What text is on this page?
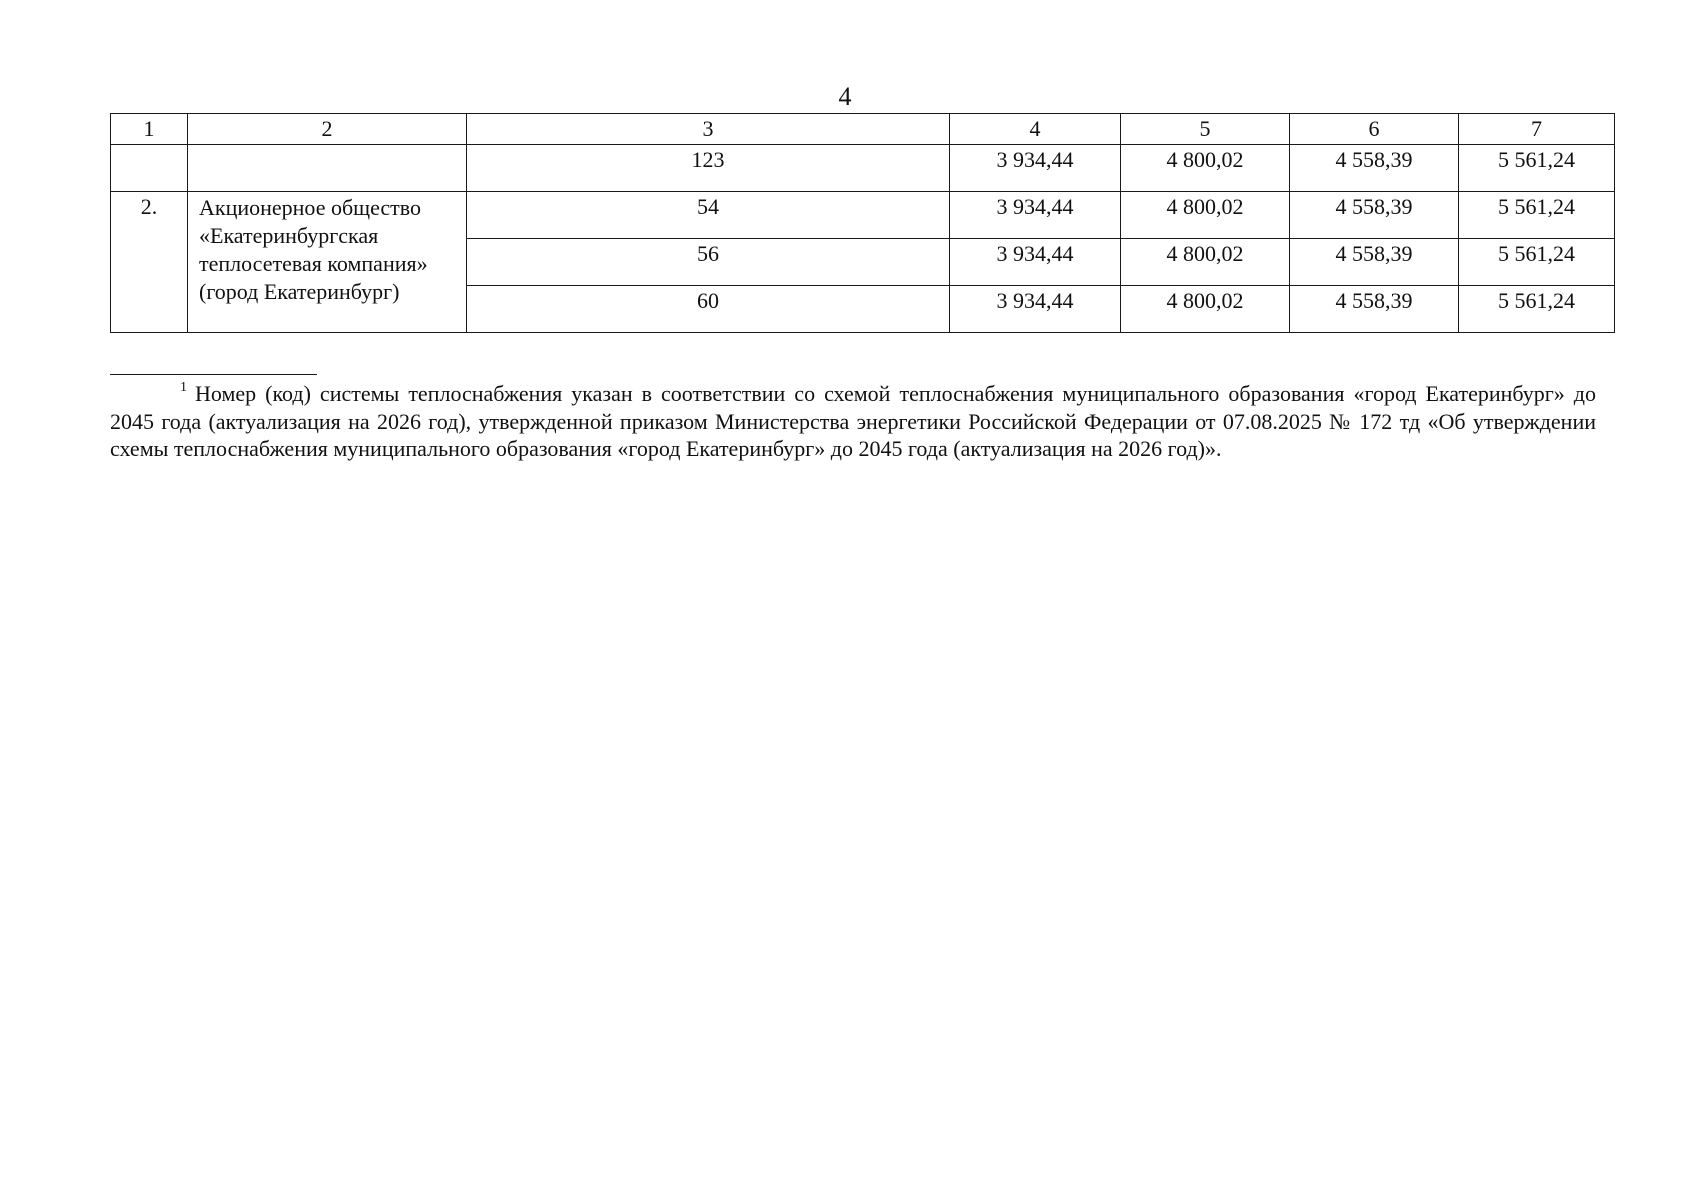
4
1	2	3	4	5	6	7
		123	3 934,44	4 800,02	4 558,39	5 561,24
2.	Акционерное общество «Екатеринбургская теплосетевая компания» (город Екатеринбург)	54	3 934,44	4 800,02	4 558,39	5 561,24
		56	3 934,44	4 800,02	4 558,39	5 561,24
		60	3 934,44	4 800,02	4 558,39	5 561,24
$^1$ Номер (код) системы теплоснабжения указан в соответствии со схемой теплоснабжения муниципального образования «город Екатеринбург» до 2045 года (актуализация на 2026 год), утвержденной приказом Министерства энергетики Российской Федерации от 07.08.2025 № 172 тд «Об утверждении схемы теплоснабжения муниципального образования «город Екатеринбург» до 2045 года (актуализация на 2026 год)».
